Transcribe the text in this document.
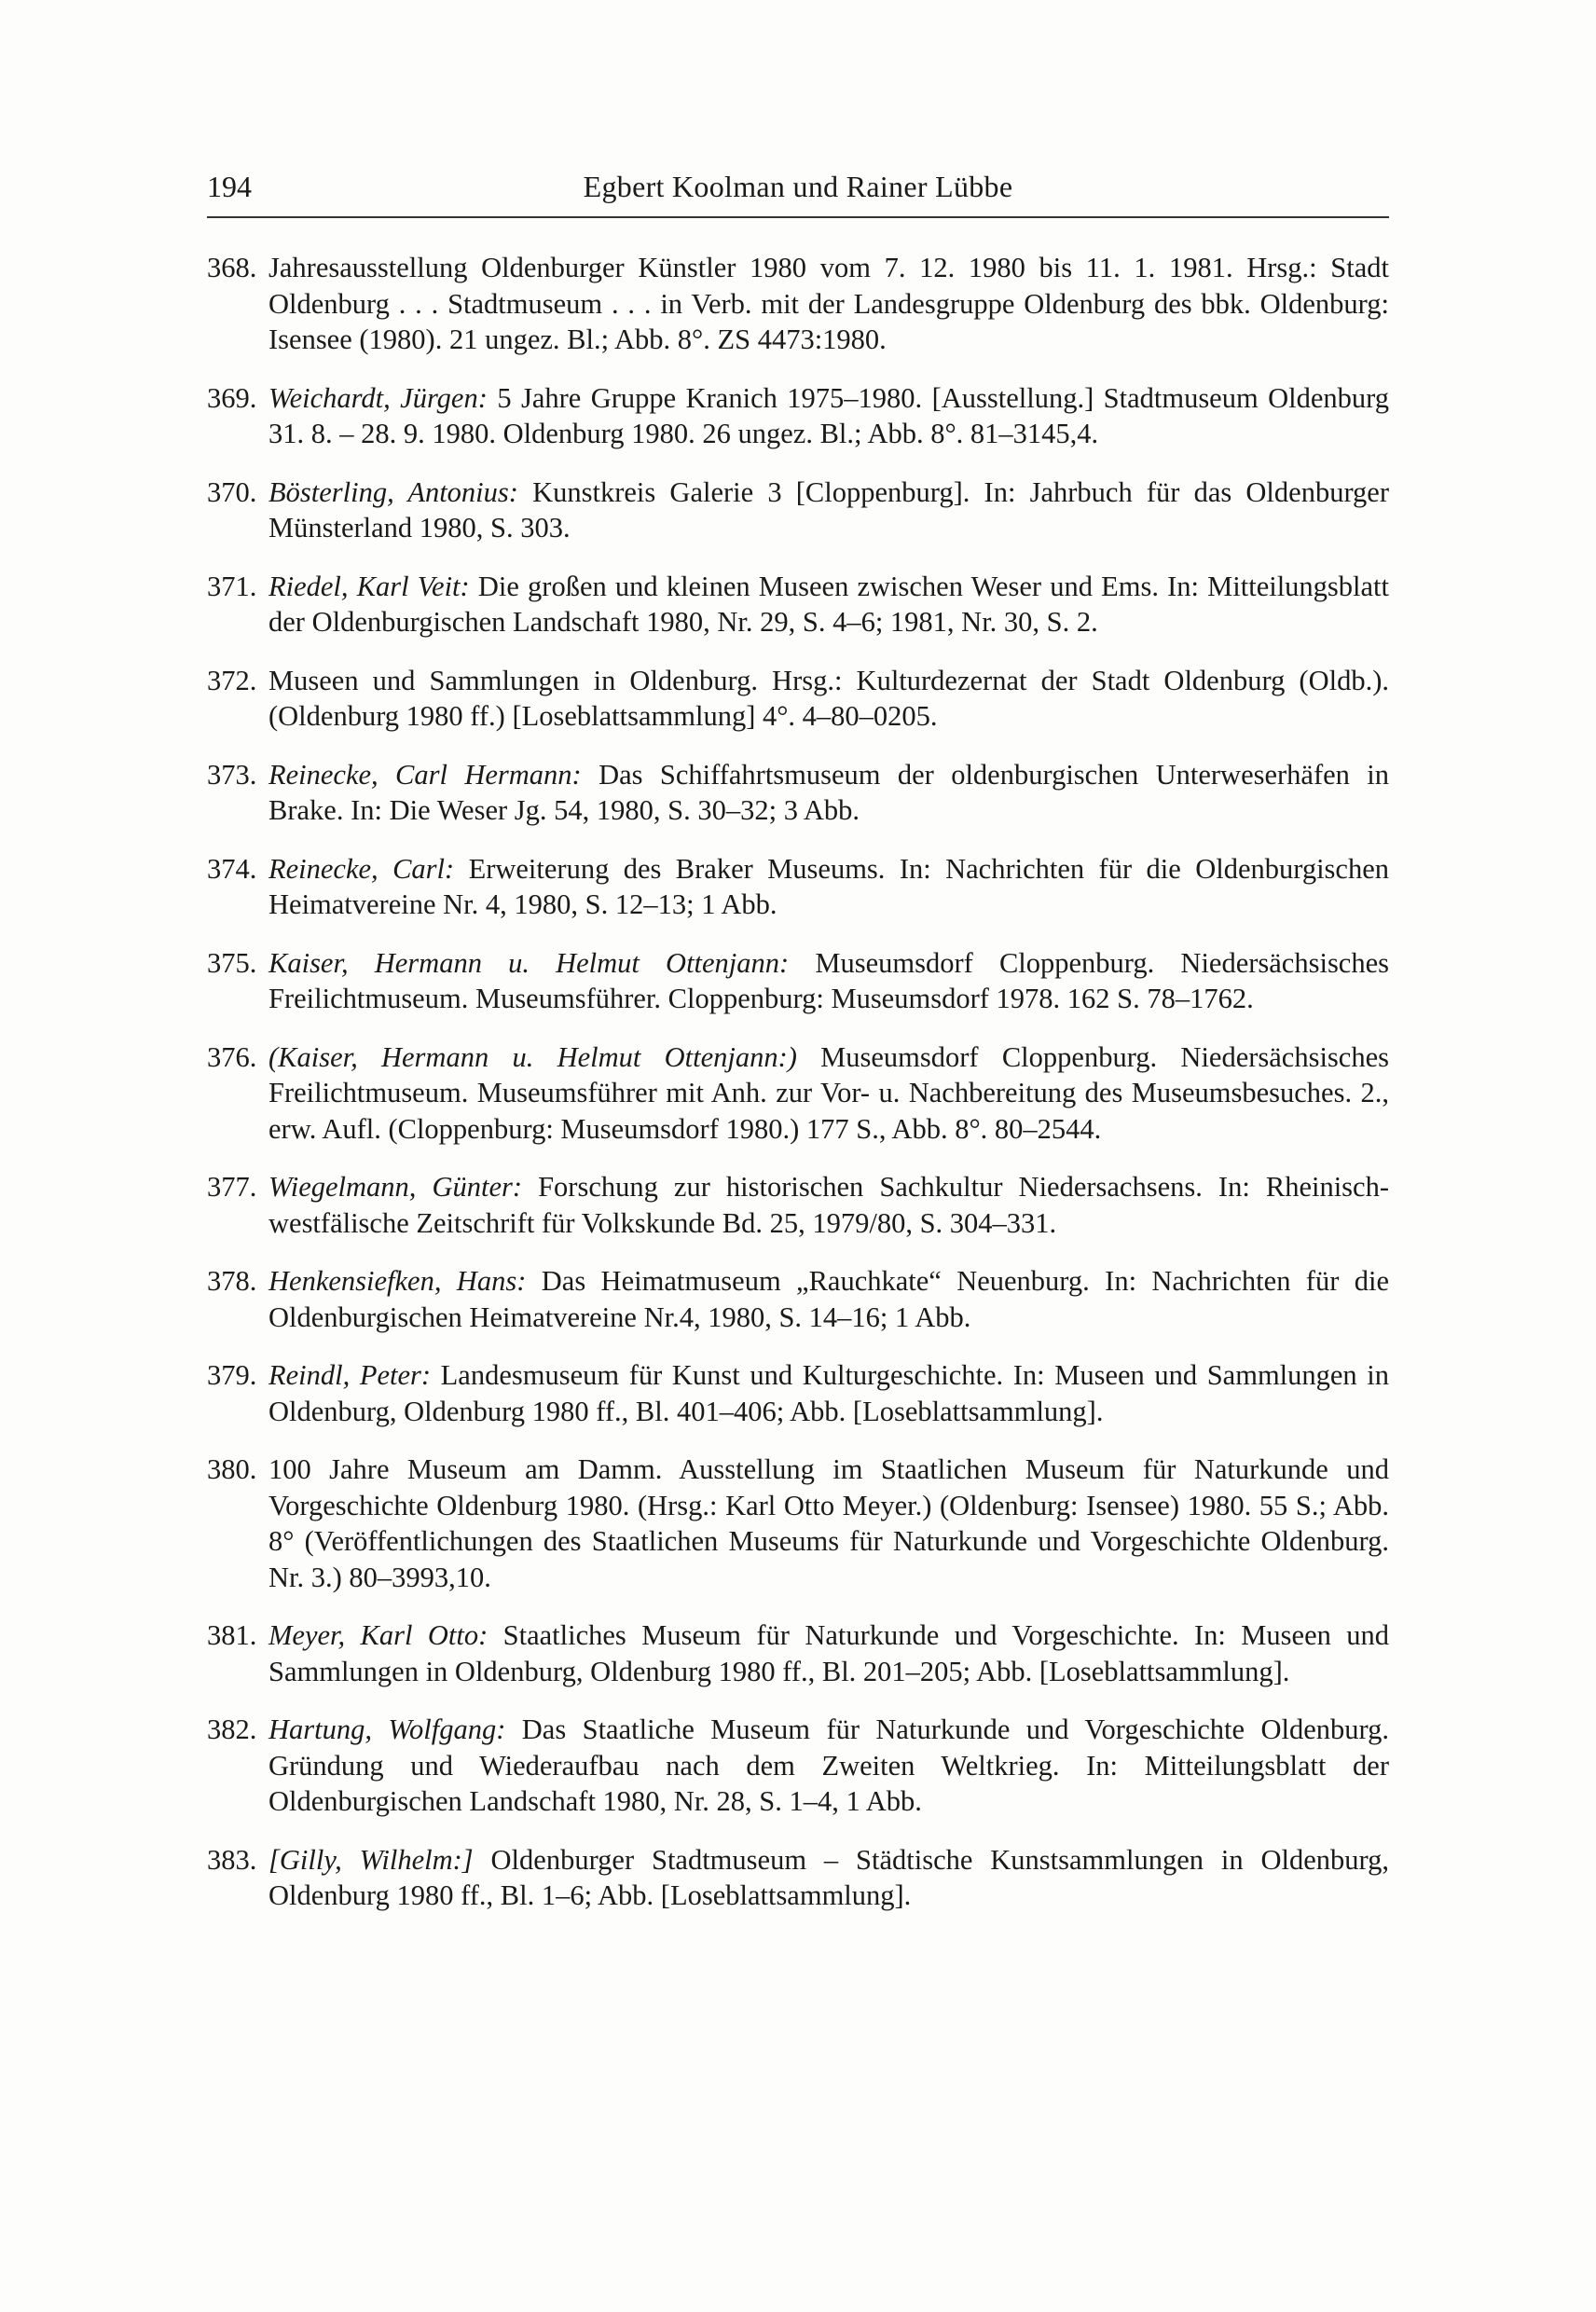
194	Egbert Koolman und Rainer Lübbe
368. Jahresausstellung Oldenburger Künstler 1980 vom 7. 12. 1980 bis 11. 1. 1981. Hrsg.: Stadt Oldenburg . . . Stadtmuseum . . . in Verb. mit der Landesgruppe Oldenburg des bbk. Oldenburg: Isensee (1980). 21 ungez. Bl.; Abb. 8°. ZS 4473:1980.
369. Weichardt, Jürgen: 5 Jahre Gruppe Kranich 1975–1980. [Ausstellung.] Stadtmuseum Oldenburg 31. 8. – 28. 9. 1980. Oldenburg 1980. 26 ungez. Bl.; Abb. 8°. 81–3145,4.
370. Bösterling, Antonius: Kunstkreis Galerie 3 [Cloppenburg]. In: Jahrbuch für das Oldenburger Münsterland 1980, S. 303.
371. Riedel, Karl Veit: Die großen und kleinen Museen zwischen Weser und Ems. In: Mitteilungsblatt der Oldenburgischen Landschaft 1980, Nr. 29, S. 4–6; 1981, Nr. 30, S. 2.
372. Museen und Sammlungen in Oldenburg. Hrsg.: Kulturdezernat der Stadt Oldenburg (Oldb.). (Oldenburg 1980 ff.) [Loseblattsammlung] 4°. 4–80–0205.
373. Reinecke, Carl Hermann: Das Schiffahrtsmuseum der oldenburgischen Unterweserhäfen in Brake. In: Die Weser Jg. 54, 1980, S. 30–32; 3 Abb.
374. Reinecke, Carl: Erweiterung des Braker Museums. In: Nachrichten für die Oldenburgischen Heimatvereine Nr. 4, 1980, S. 12–13; 1 Abb.
375. Kaiser, Hermann u. Helmut Ottenjann: Museumsdorf Cloppenburg. Niedersächsisches Freilichtmuseum. Museumsführer. Cloppenburg: Museumsdorf 1978. 162 S. 78–1762.
376. (Kaiser, Hermann u. Helmut Ottenjann:) Museumsdorf Cloppenburg. Niedersächsisches Freilichtmuseum. Museumsführer mit Anh. zur Vor- u. Nachbereitung des Museumsbesuches. 2., erw. Aufl. (Cloppenburg: Museumsdorf 1980.) 177 S., Abb. 8°. 80–2544.
377. Wiegelmann, Günter: Forschung zur historischen Sachkultur Niedersachsens. In: Rheinisch-westfälische Zeitschrift für Volkskunde Bd. 25, 1979/80, S. 304–331.
378. Henkensiefken, Hans: Das Heimatmuseum „Rauchkate“ Neuenburg. In: Nachrichten für die Oldenburgischen Heimatvereine Nr.4, 1980, S. 14–16; 1 Abb.
379. Reindl, Peter: Landesmuseum für Kunst und Kulturgeschichte. In: Museen und Sammlungen in Oldenburg, Oldenburg 1980 ff., Bl. 401–406; Abb. [Loseblattsammlung].
380. 100 Jahre Museum am Damm. Ausstellung im Staatlichen Museum für Naturkunde und Vorgeschichte Oldenburg 1980. (Hrsg.: Karl Otto Meyer.) (Oldenburg: Isensee) 1980. 55 S.; Abb. 8° (Veröffentlichungen des Staatlichen Museums für Naturkunde und Vorgeschichte Oldenburg. Nr. 3.) 80–3993,10.
381. Meyer, Karl Otto: Staatliches Museum für Naturkunde und Vorgeschichte. In: Museen und Sammlungen in Oldenburg, Oldenburg 1980 ff., Bl. 201–205; Abb. [Loseblattsammlung].
382. Hartung, Wolfgang: Das Staatliche Museum für Naturkunde und Vorgeschichte Oldenburg. Gründung und Wiederaufbau nach dem Zweiten Weltkrieg. In: Mitteilungsblatt der Oldenburgischen Landschaft 1980, Nr. 28, S. 1–4, 1 Abb.
383. [Gilly, Wilhelm:] Oldenburger Stadtmuseum – Städtische Kunstsammlungen in Oldenburg, Oldenburg 1980 ff., Bl. 1–6; Abb. [Loseblattsammlung].
